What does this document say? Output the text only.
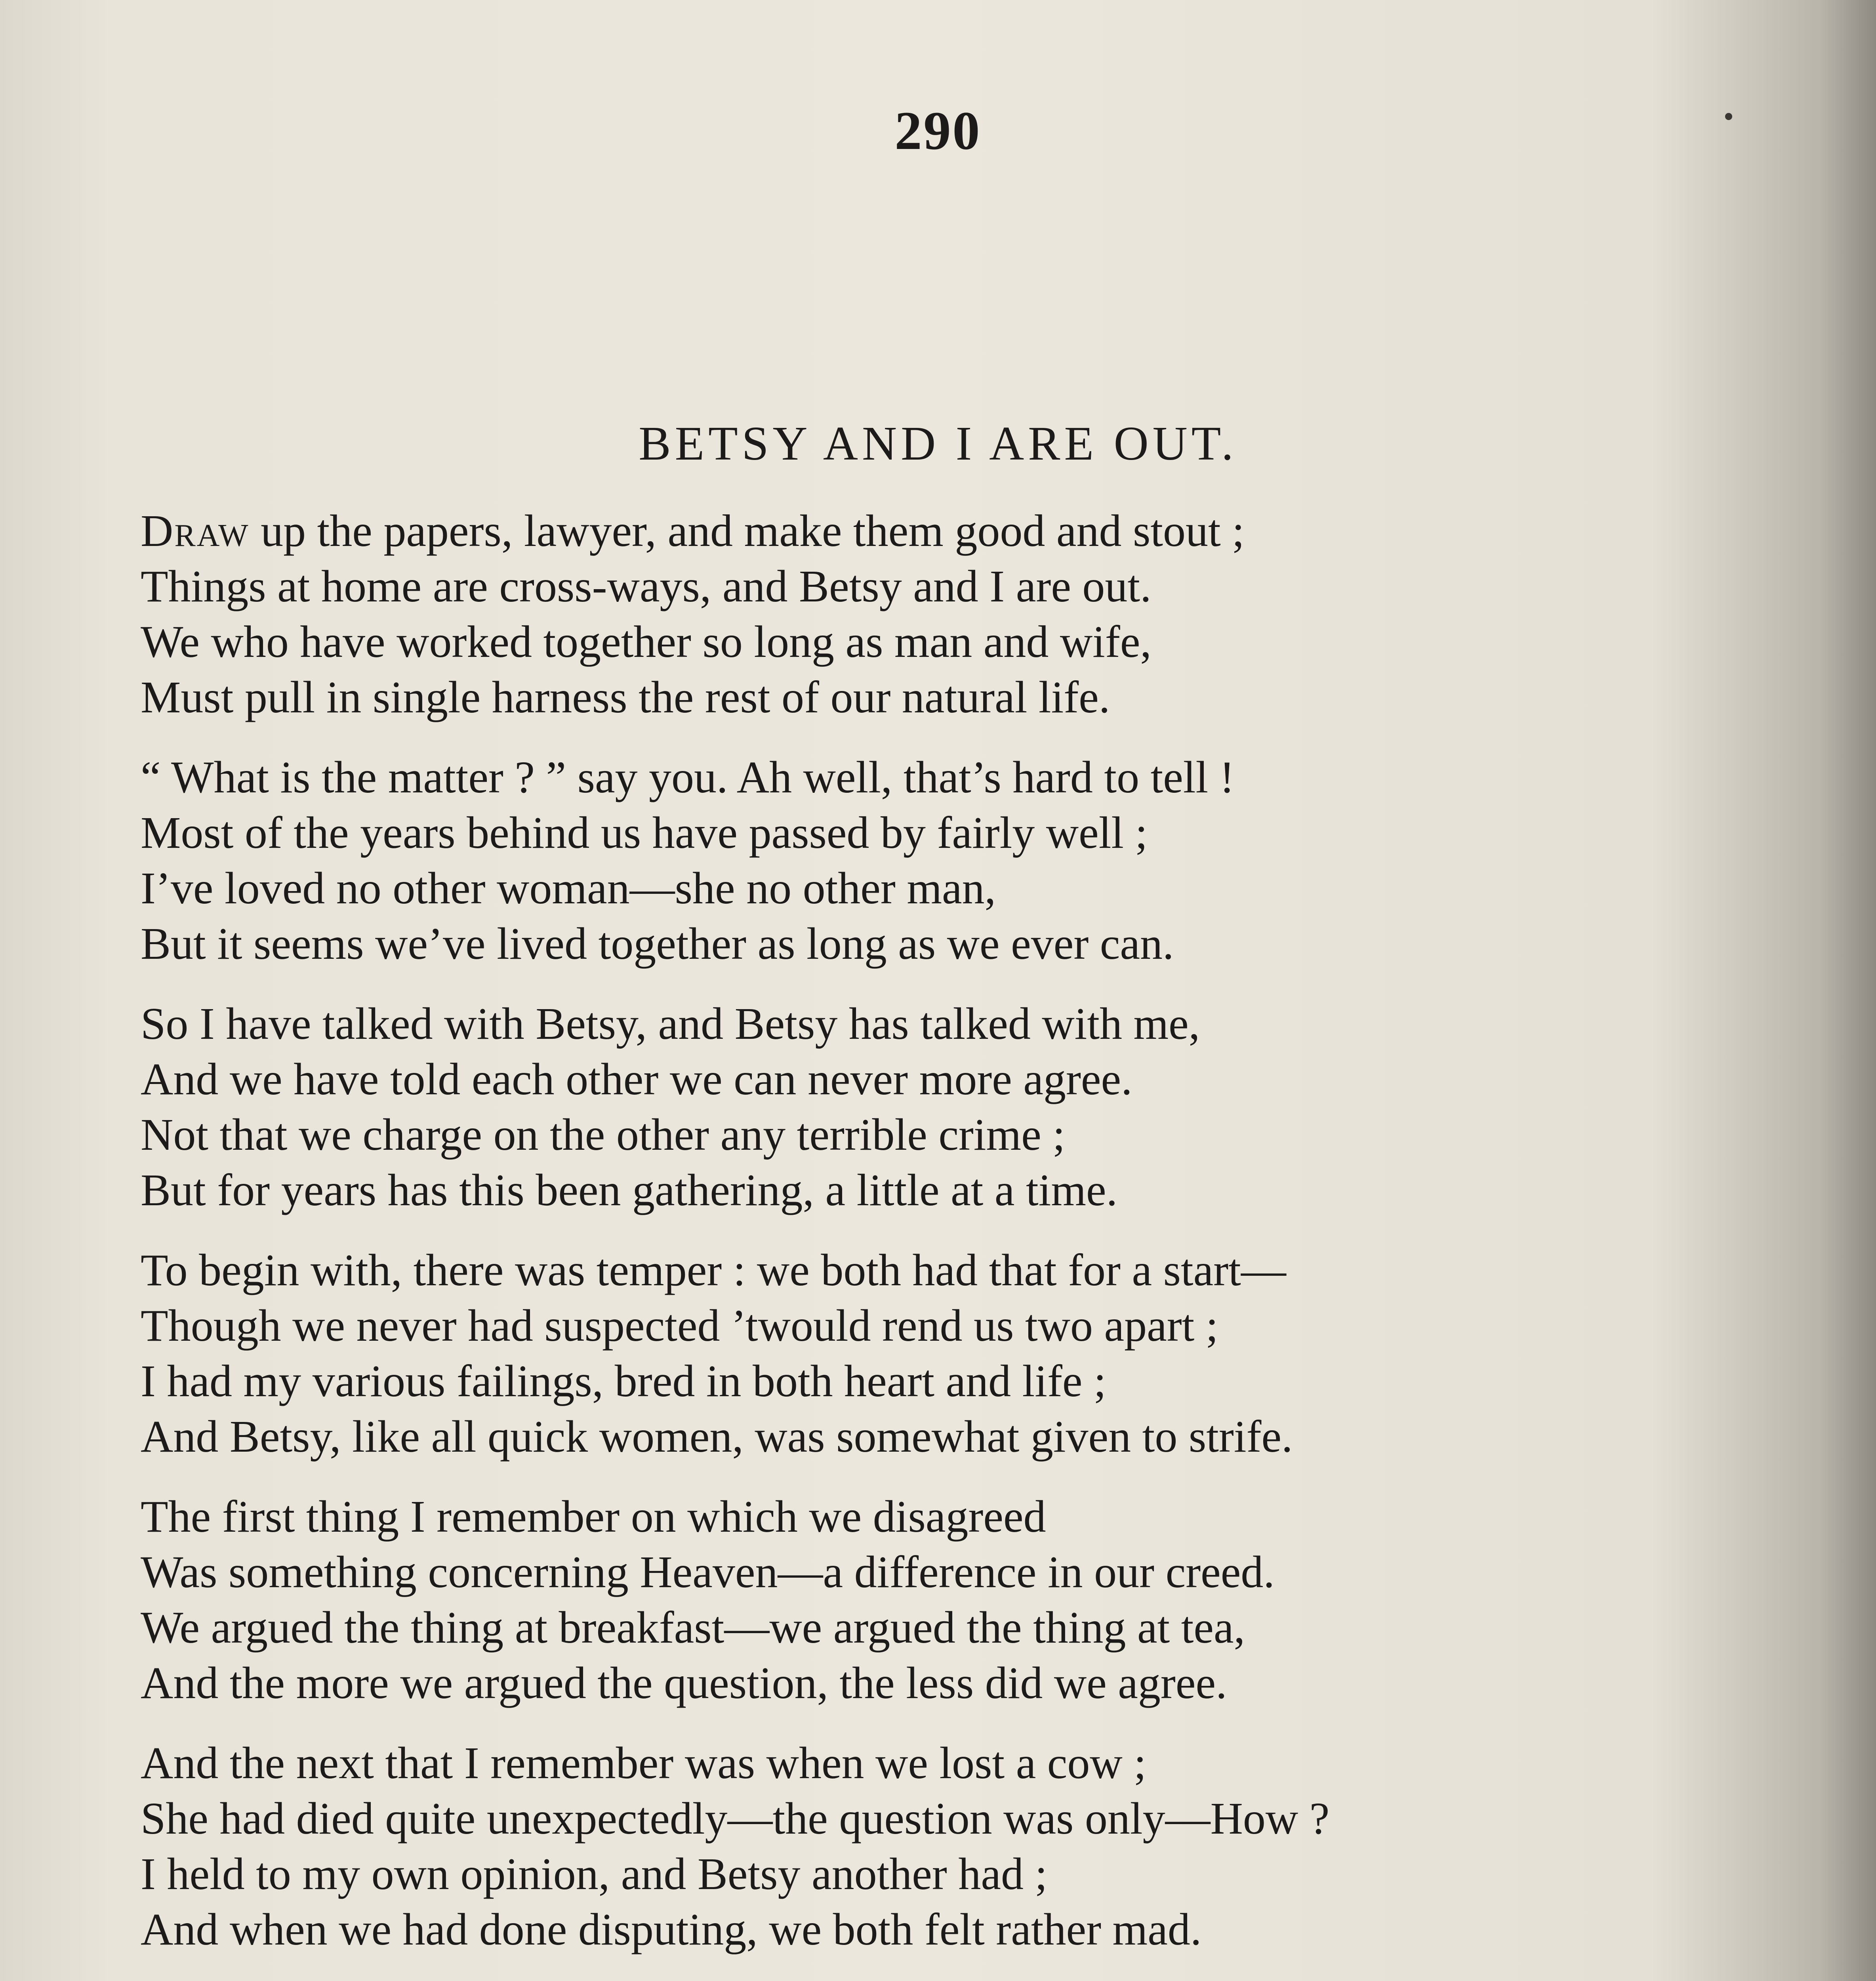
290
BETSY AND I ARE OUT.
Draw up the papers, lawyer, and make them good and stout ;
Things at home are cross-ways, and Betsy and I are out.
We who have worked together so long as man and wife,
Must pull in single harness the rest of our natural life.
“ What is the matter ? ” say you. Ah well, that’s hard to tell !
Most of the years behind us have passed by fairly well ;
I’ve loved no other woman—she no other man,
But it seems we’ve lived together as long as we ever can.
So I have talked with Betsy, and Betsy has talked with me,
And we have told each other we can never more agree.
Not that we charge on the other any terrible crime ;
But for years has this been gathering, a little at a time.
To begin with, there was temper : we both had that for a start—
Though we never had suspected ’twould rend us two apart ;
I had my various failings, bred in both heart and life ;
And Betsy, like all quick women, was somewhat given to strife.
The first thing I remember on which we disagreed
Was something concerning Heaven—a difference in our creed.
We argued the thing at breakfast—we argued the thing at tea,
And the more we argued the question, the less did we agree.
And the next that I remember was when we lost a cow ;
She had died quite unexpectedly—the question was only—How ?
I held to my own opinion, and Betsy another had ;
And when we had done disputing, we both felt rather mad.
